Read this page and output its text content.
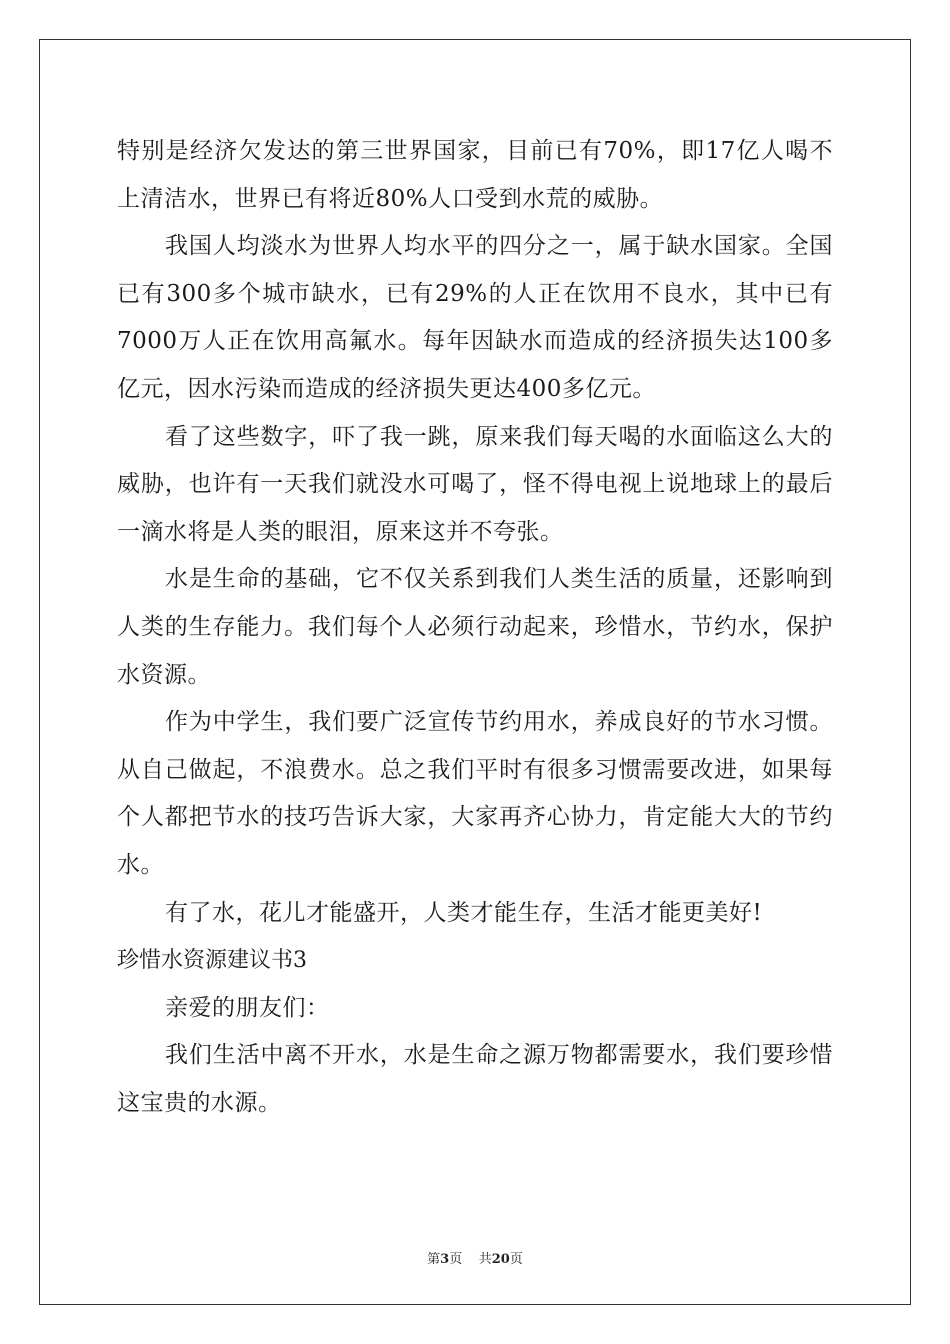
特别是经济欠发达的第三世界国家，目前已有70%，即17亿人喝不上清洁水，世界已有将近80%人口受到水荒的威胁。

我国人均淡水为世界人均水平的四分之一，属于缺水国家。全国已有300多个城市缺水，已有29%的人正在饮用不良水，其中已有7000万人正在饮用高氟水。每年因缺水而造成的经济损失达100多亿元，因水污染而造成的经济损失更达400多亿元。

看了这些数字，吓了我一跳，原来我们每天喝的水面临这么大的威胁，也许有一天我们就没水可喝了，怪不得电视上说地球上的最后一滴水将是人类的眼泪，原来这并不夸张。

水是生命的基础，它不仅关系到我们人类生活的质量，还影响到人类的生存能力。我们每个人必须行动起来，珍惜水，节约水，保护水资源。

作为中学生，我们要广泛宣传节约用水，养成良好的节水习惯。从自己做起，不浪费水。总之我们平时有很多习惯需要改进，如果每个人都把节水的技巧告诉大家，大家再齐心协力，肯定能大大的节约水。

有了水，花儿才能盛开，人类才能生存，生活才能更美好!

珍惜水资源建议书3

亲爱的朋友们：

我们生活中离不开水，水是生命之源万物都需要水，我们要珍惜这宝贵的水源。

第3页 共20页
